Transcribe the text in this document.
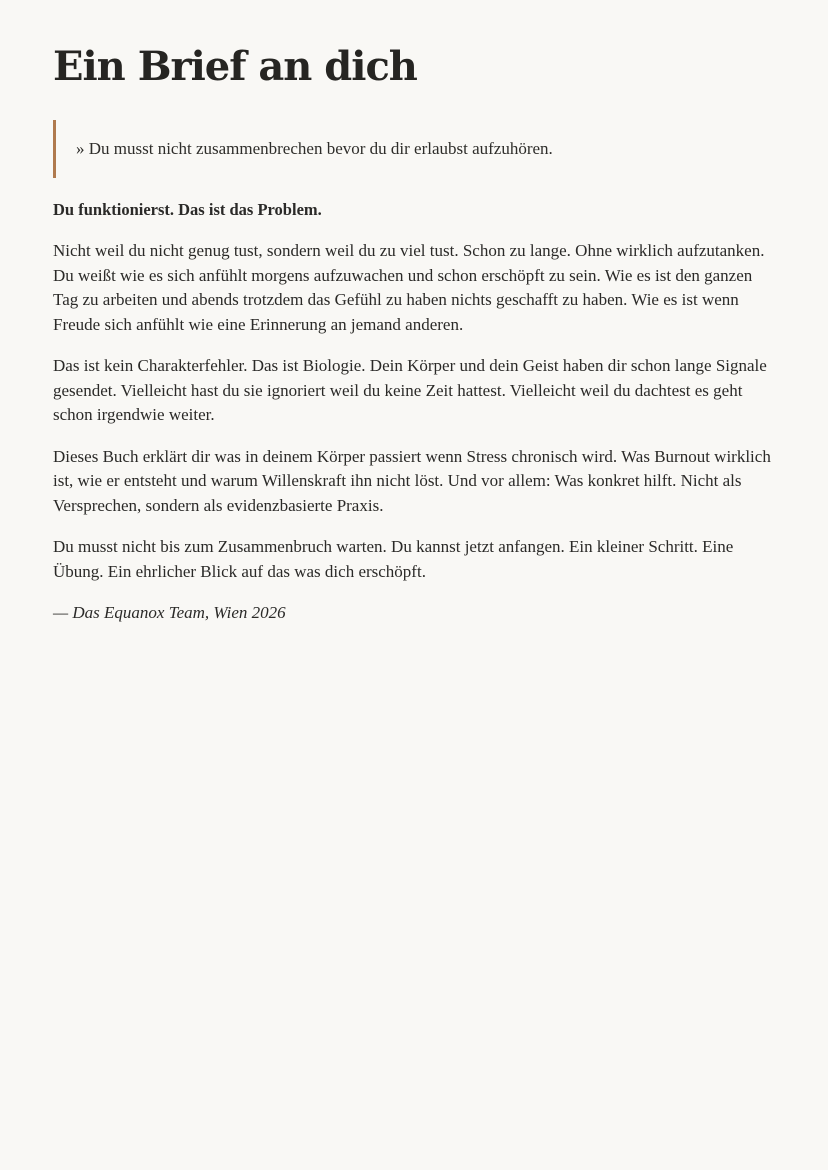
Ein Brief an dich
» Du musst nicht zusammenbrechen bevor du dir erlaubst aufzuhören.

Du funktionierst. Das ist das Problem.

Nicht weil du nicht genug tust, sondern weil du zu viel tust. Schon zu lange. Ohne wirklich aufzutanken. Du weißt wie es sich anfühlt morgens aufzuwachen und schon erschöpft zu sein. Wie es ist den ganzen Tag zu arbeiten und abends trotzdem das Gefühl zu haben nichts geschafft zu haben. Wie es ist wenn Freude sich anfühlt wie eine Erinnerung an jemand anderen.

Das ist kein Charakterfehler. Das ist Biologie. Dein Körper und dein Geist haben dir schon lange Signale gesendet. Vielleicht hast du sie ignoriert weil du keine Zeit hattest. Vielleicht weil du dachtest es geht schon irgendwie weiter.

Dieses Buch erklärt dir was in deinem Körper passiert wenn Stress chronisch wird. Was Burnout wirklich ist, wie er entsteht und warum Willenskraft ihn nicht löst. Und vor allem: Was konkret hilft. Nicht als Versprechen, sondern als evidenzbasierte Praxis.

Du musst nicht bis zum Zusammenbruch warten. Du kannst jetzt anfangen. Ein kleiner Schritt. Eine Übung. Ein ehrlicher Blick auf das was dich erschöpft.

— Das Equanox Team, Wien 2026
